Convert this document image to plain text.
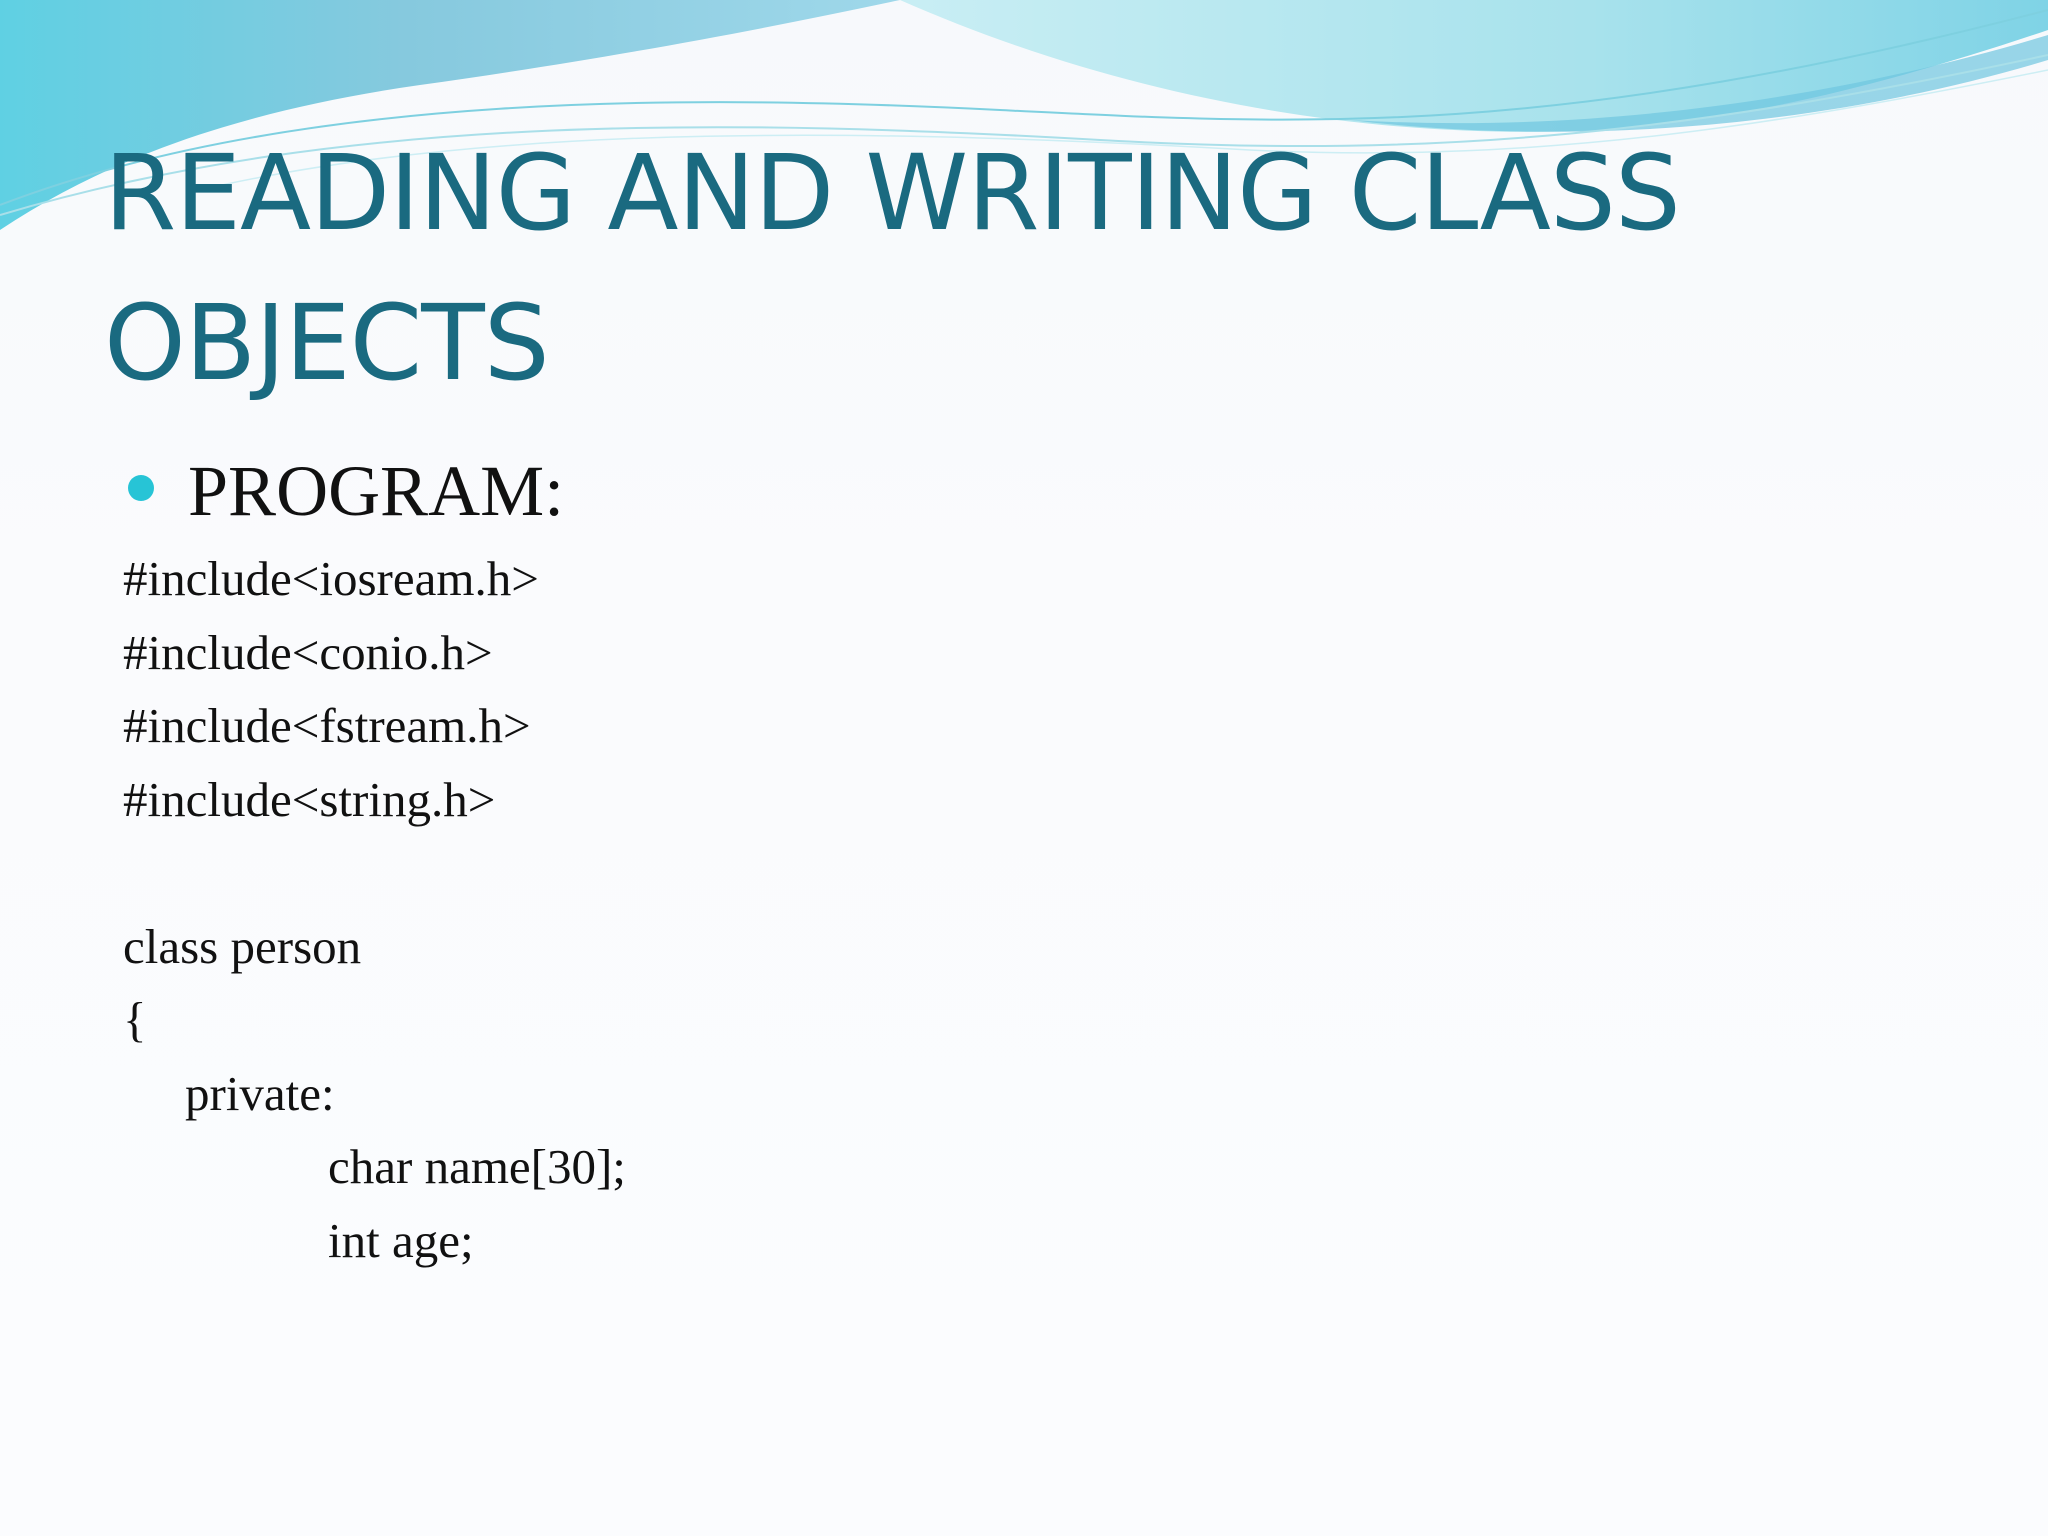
READING AND WRITING CLASS
OBJECTS
PROGRAM:
#include<iosream.h>
#include<conio.h>
#include<fstream.h>
#include<string.h>
class person
{
private:
char name[30];
int age;
